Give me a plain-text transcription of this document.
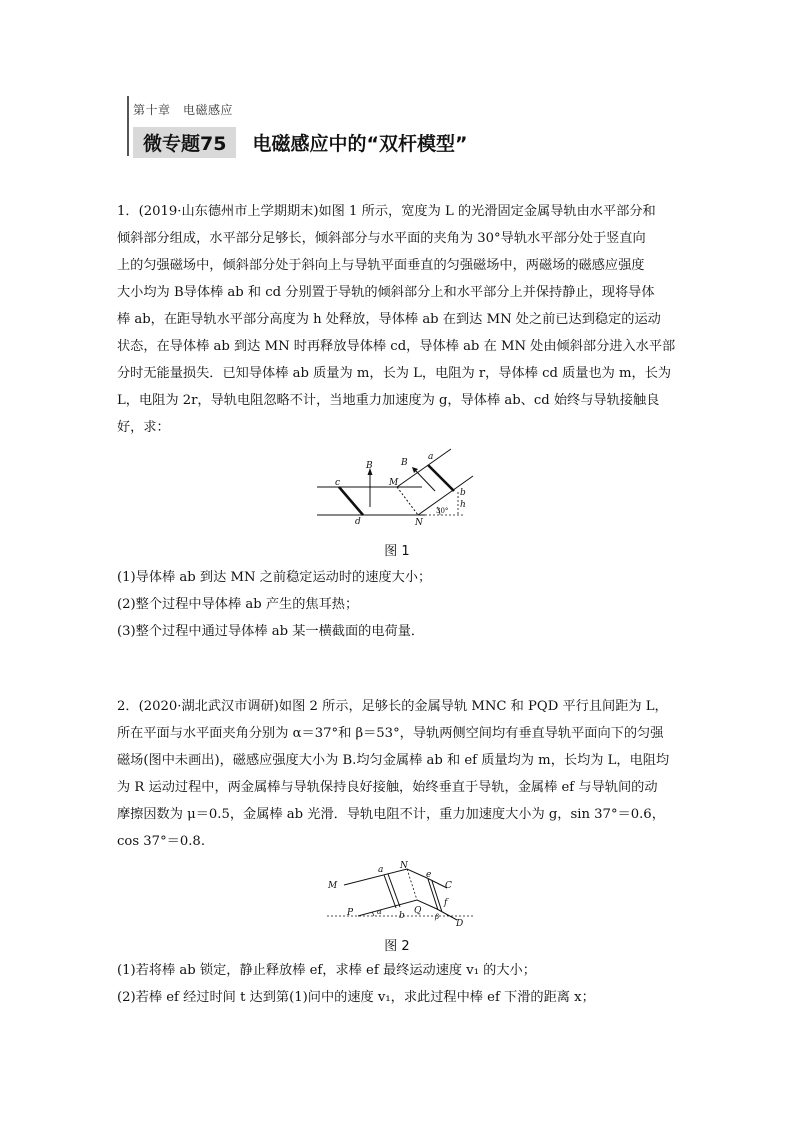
第十章　电磁感应
微专题75	电磁感应中的“双杆模型”
1．(2019·山东德州市上学期期末)如图 1 所示，宽度为 L 的光滑固定金属导轨由水平部分和
倾斜部分组成，水平部分足够长，倾斜部分与水平面的夹角为 30°导轨水平部分处于竖直向
上的匀强磁场中，倾斜部分处于斜向上与导轨平面垂直的匀强磁场中，两磁场的磁感应强度
大小均为 B导体棒 ab 和 cd 分别置于导轨的倾斜部分上和水平部分上并保持静止，现将导体
棒 ab，在距导轨水平部分高度为 h 处释放，导体棒 ab 在到达 MN 处之前已达到稳定的运动
状态，在导体棒 ab 到达 MN 时再释放导体棒 cd，导体棒 ab 在 MN 处由倾斜部分进入水平部
分时无能量损失．已知导体棒 ab 质量为 m，长为 L，电阻为 r，导体棒 cd 质量也为 m，长为
L，电阻为 2r，导轨电阻忽略不计，当地重力加速度为 g，导体棒 ab、cd 始终与导轨接触良
好，求：
B	B
a
b
c
d
M
N
h
30°
图 1
(1)导体棒 ab 到达 MN 之前稳定运动时的速度大小；
(2)整个过程中导体棒 ab 产生的焦耳热；
(3)整个过程中通过导体棒 ab 某一横截面的电荷量．
2．(2020·湖北武汉市调研)如图 2 所示，足够长的金属导轨 MNC 和 PQD 平行且间距为 L，
所在平面与水平面夹角分别为 α＝37°和 β＝53°，导轨两侧空间均有垂直导轨平面向下的匀强
磁场(图中未画出)，磁感应强度大小为 B.均匀金属棒 ab 和 ef 质量均为 m，长均为 L，电阻均
为 R 运动过程中，两金属棒与导轨保持良好接触，始终垂直于导轨，金属棒 ef 与导轨间的动
摩擦因数为 μ＝0.5，金属棒 ab 光滑．导轨电阻不计，重力加速度大小为 g，sin 37°＝0.6，
cos 37°＝0.8.
M
N
C
P	Q
D
a
b
e
f
α
β
图 2
(1)若将棒 ab 锁定，静止释放棒 ef，求棒 ef 最终运动速度 v₁ 的大小；
(2)若棒 ef 经过时间 t 达到第(1)问中的速度 v₁，求此过程中棒 ef 下滑的距离 x；
